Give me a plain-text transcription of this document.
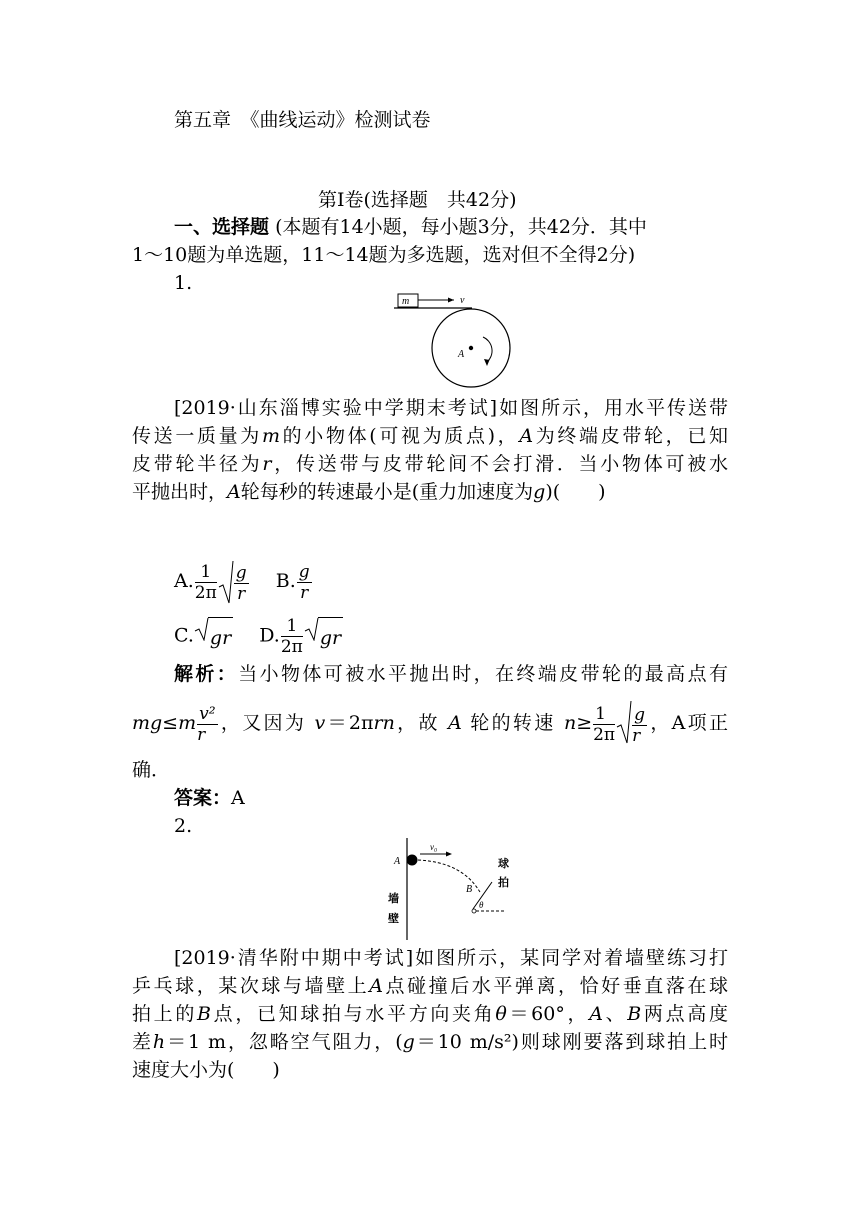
第五章　《曲线运动》检测试卷
第Ⅰ卷(选择题　共42分)
一、选择题 (本题有14小题，每小题3分，共42分．其中
1～10题为单选题，11～14题为多选题，选对但不全得2分)
1.
m	v
A
[2019·山东淄博实验中学期末考试]如图所示，用水平传送带
传送一质量为m的小物体(可视为质点)，A为终端皮带轮，已知
皮带轮半径为r，传送带与皮带轮间不会打滑．当小物体可被水
平抛出时，A轮每秒的转速最小是(重力加速度为g)(　　)
A. $\frac{1}{2\pi} \frac{g}{r} B$. $\frac{g}{r}$
C. gr D. $\frac{1}{2\pi}$ gr
解析：当小物体可被水平抛出时，在终端皮带轮的最高点有
$mg\le m \frac{\text{v²}}{r}$ ，又因为 v＝2πrn，故 A 轮的转速 $n\ge \frac{1}{2\pi} \frac{g}{r}$ ，A项正
确．
答案：A
2.
A
v₀
B
θ
球
拍
墙
壁
[2019·清华附中期中考试]如图所示，某同学对着墙壁练习打
乒乓球，某次球与墙壁上A点碰撞后水平弹离，恰好垂直落在球
拍上的B点，已知球拍与水平方向夹角θ＝60°，A、B两点高度
差h＝1 m，忽略空气阻力，(g＝10 m/s²)则球刚要落到球拍上时
速度大小为(　　)
